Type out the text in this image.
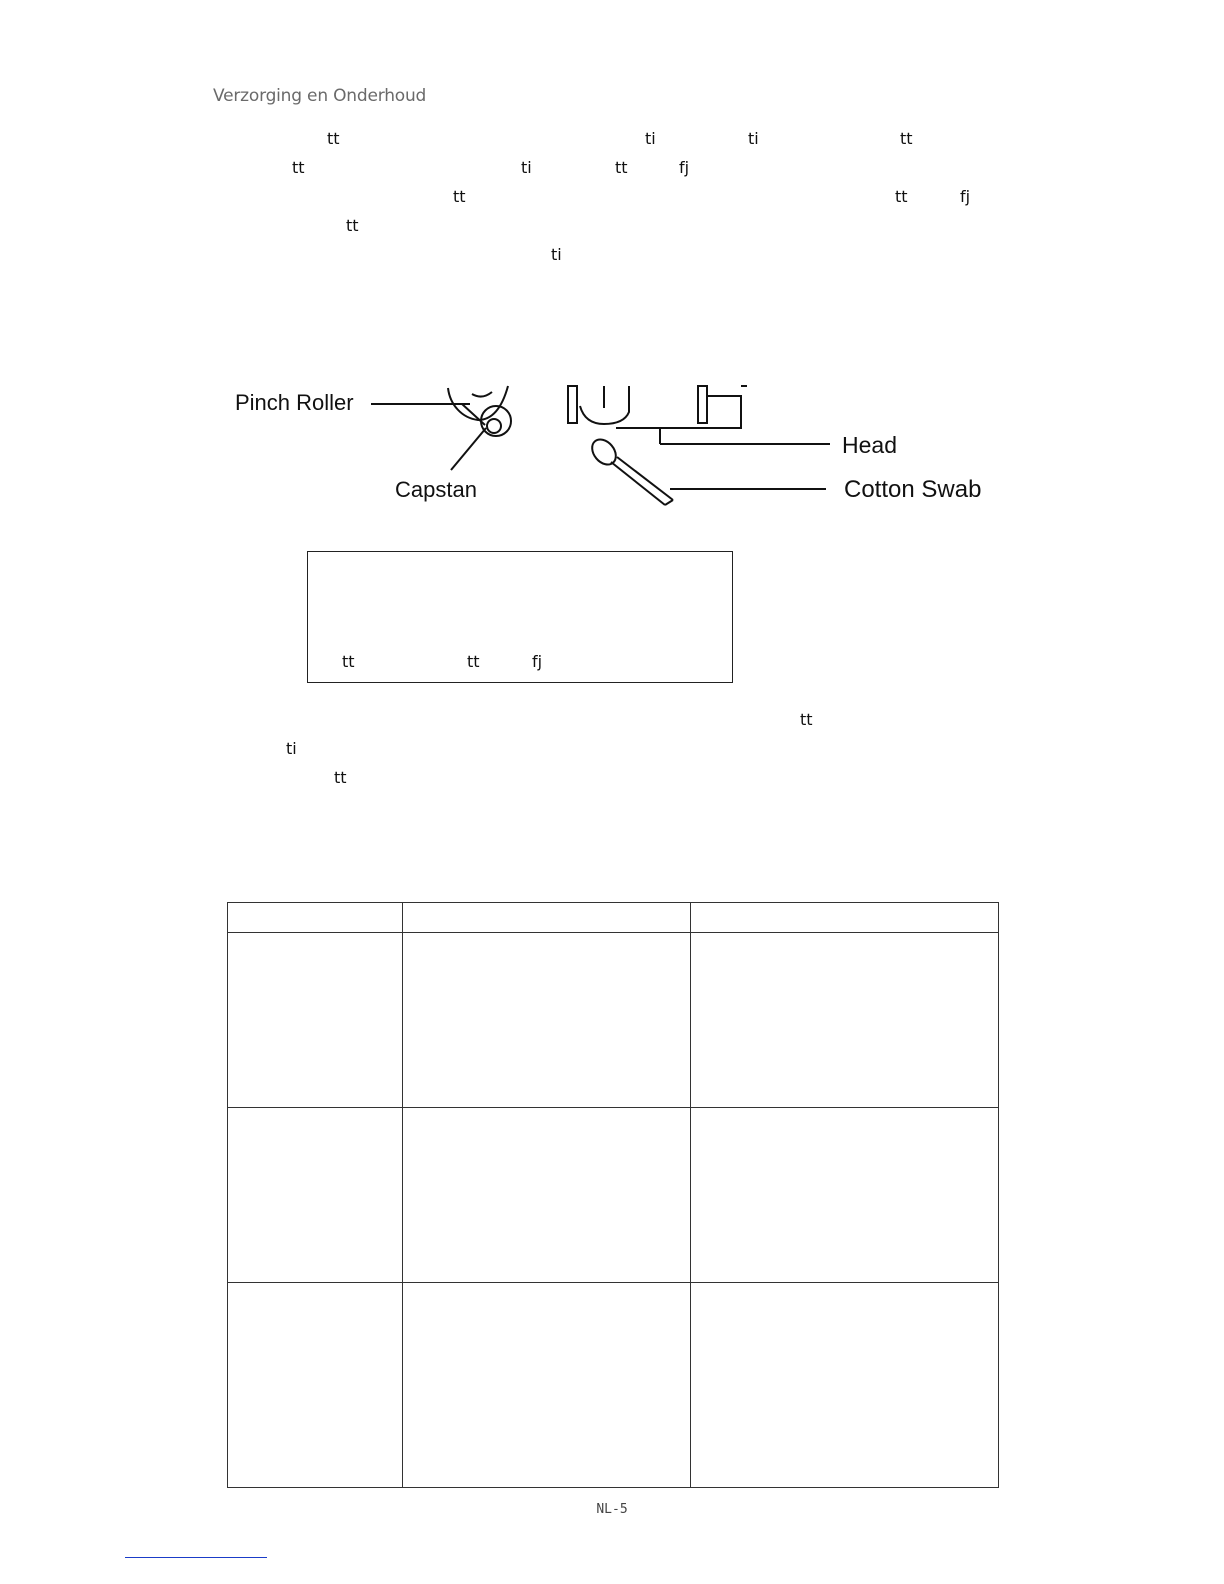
Verzorging en Onderhoud
tt	ti	ti	tt
tt	ti	tt	fj
tt	tt	fj
tt
ti
Pinch Roller
Capstan
Head
Cotton Swab
tt	tt	fj
tt
ti
tt

NL-5
